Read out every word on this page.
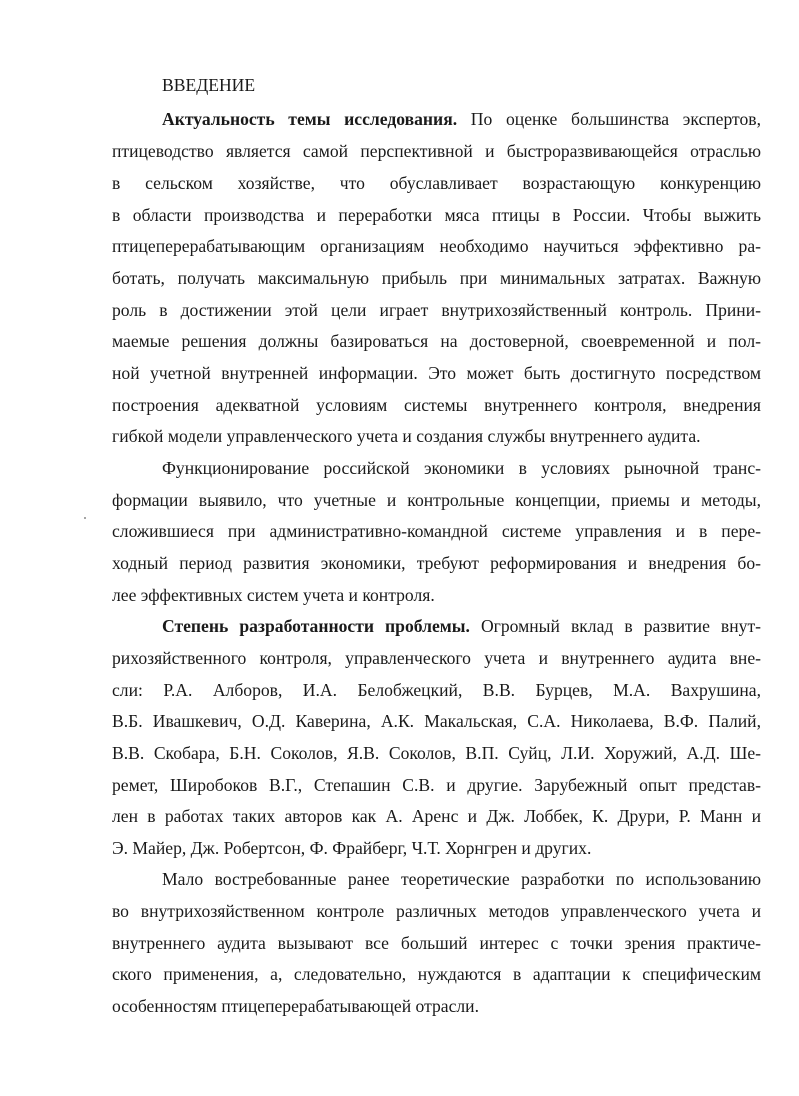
ВВЕДЕНИЕ
Актуальность темы исследования. По оценке большинства экспертов,
птицеводство является самой перспективной и быстроразвивающейся отраслью
в сельском хозяйстве, что обуславливает возрастающую конкуренцию
в области производства и переработки мяса птицы в России. Чтобы выжить
птицеперерабатывающим организациям необходимо научиться эффективно ра-
ботать, получать максимальную прибыль при минимальных затратах. Важную
роль в достижении этой цели играет внутрихозяйственный контроль. Прини-
маемые решения должны базироваться на достоверной, своевременной и пол-
ной учетной внутренней информации. Это может быть достигнуто посредством
построения адекватной условиям системы внутреннего контроля, внедрения
гибкой модели управленческого учета и создания службы внутреннего аудита.
Функционирование российской экономики в условиях рыночной транс-
формации выявило, что учетные и контрольные концепции, приемы и методы,
сложившиеся при административно-командной системе управления и в пере-
ходный период развития экономики, требуют реформирования и внедрения бо-
лее эффективных систем учета и контроля.
Степень разработанности проблемы. Огромный вклад в развитие внут-
рихозяйственного контроля, управленческого учета и внутреннего аудита вне-
сли: Р.А. Алборов, И.А. Белобжецкий, В.В. Бурцев, М.А. Вахрушина,
В.Б. Ивашкевич, О.Д. Каверина, А.К. Макальская, С.А. Николаева, В.Ф. Палий,
В.В. Скобара, Б.Н. Соколов, Я.В. Соколов, В.П. Суйц, Л.И. Хоружий, А.Д. Ше-
ремет, Широбоков В.Г., Степашин С.В. и другие. Зарубежный опыт представ-
лен в работах таких авторов как А. Аренс и Дж. Лоббек, К. Друри, Р. Манн и
Э. Майер, Дж. Робертсон, Ф. Фрайберг, Ч.Т. Хорнгрен и других.
Мало востребованные ранее теоретические разработки по использованию
во внутрихозяйственном контроле различных методов управленческого учета и
внутреннего аудита вызывают все больший интерес с точки зрения практиче-
ского применения, а, следовательно, нуждаются в адаптации к специфическим
особенностям птицеперерабатывающей отрасли.
